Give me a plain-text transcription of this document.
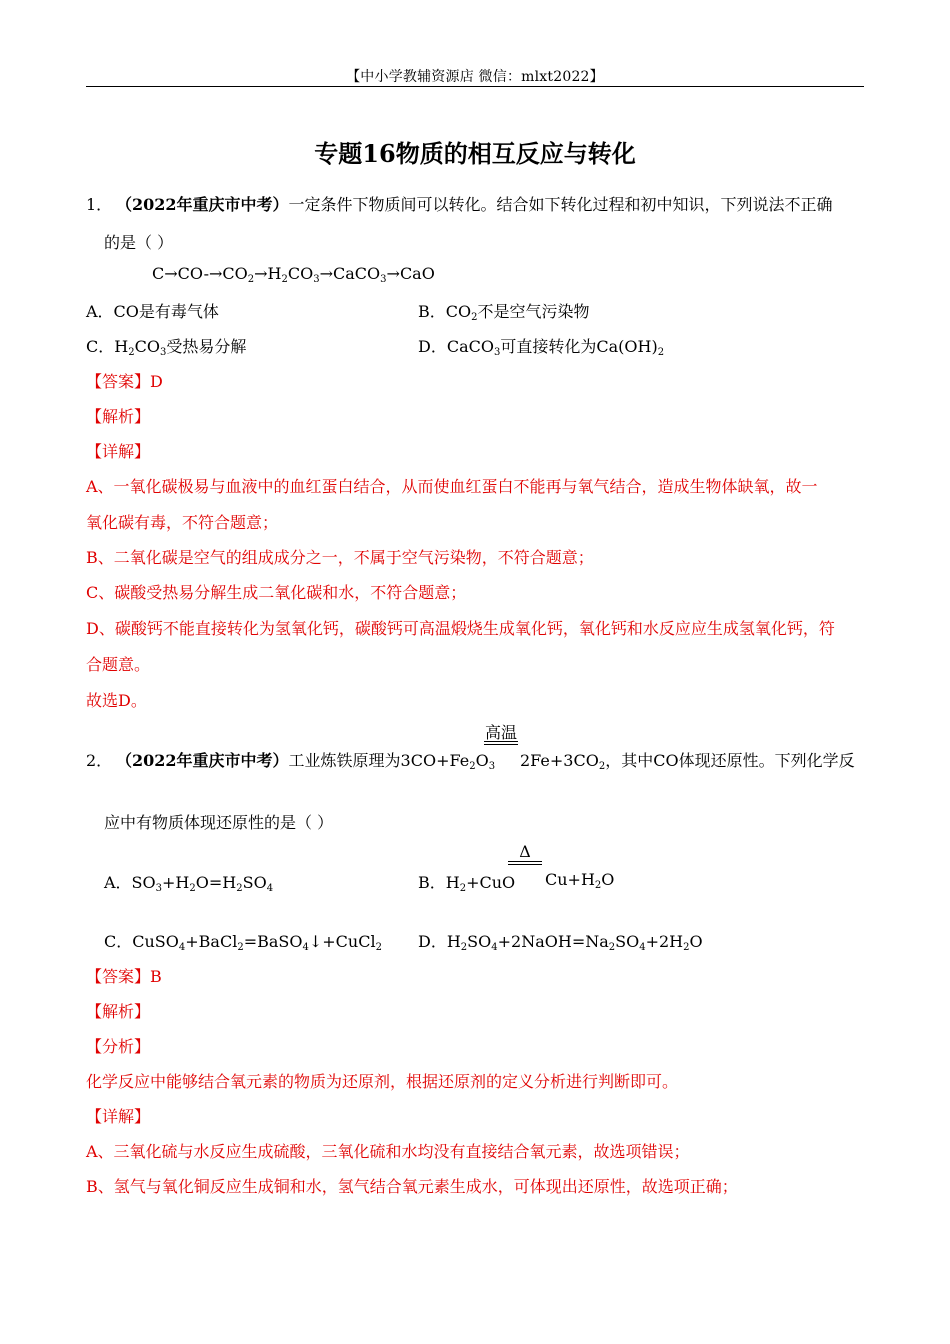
【中小学教辅资源店 微信：mlxt2022】
专题16物质的相互反应与转化
1． （2022年重庆市中考）一定条件下物质间可以转化。结合如下转化过程和初中知识，下列说法不正确
的是（ ）
$C\to CO-\to CO_2\to H_2CO_3\to CaCO_3\to CaO$
A．CO是有毒气体	B．$CO_2$不是空气污染物
C．$H_2CO_3$受热易分解	D．CaCO$_3$可直接转化为$Ca(OH)_2$
【答案】D
【解析】
【详解】
A、一氧化碳极易与血液中的血红蛋白结合，从而使血红蛋白不能再与氧气结合，造成生物体缺氧，故一
氧化碳有毒，不符合题意；
B、二氧化碳是空气的组成成分之一，不属于空气污染物，不符合题意；
C、碳酸受热易分解生成二氧化碳和水，不符合题意；
D、碳酸钙不能直接转化为氢氧化钙，碳酸钙可高温煅烧生成氧化钙，氧化钙和水反应应生成氢氧化钙，符
合题意。
故选D。
高温
2． （2022年重庆市中考）工业炼铁原理为$3CO+Fe_2O_3$ $2Fe+3CO_2$，其中CO体现还原性。下列化学反
应中有物质体现还原性的是（ ）
A．$SO_3+H_2O=H_2SO_4$	B．$H_2+CuO$
Δ
$Cu+H_2O$
C．CuSO$_4$+BaCl$_2$=BaSO$_4$↓+CuCl$_2$ D．$H_2SO_4+2NaOH=Na_2SO_4+2H_2O$
【答案】B
【解析】
【分析】
化学反应中能够结合氧元素的物质为还原剂，根据还原剂的定义分析进行判断即可。
【详解】
A、三氧化硫与水反应生成硫酸，三氧化硫和水均没有直接结合氧元素，故选项错误；
B、氢气与氧化铜反应生成铜和水，氢气结合氧元素生成水，可体现出还原性，故选项正确；
